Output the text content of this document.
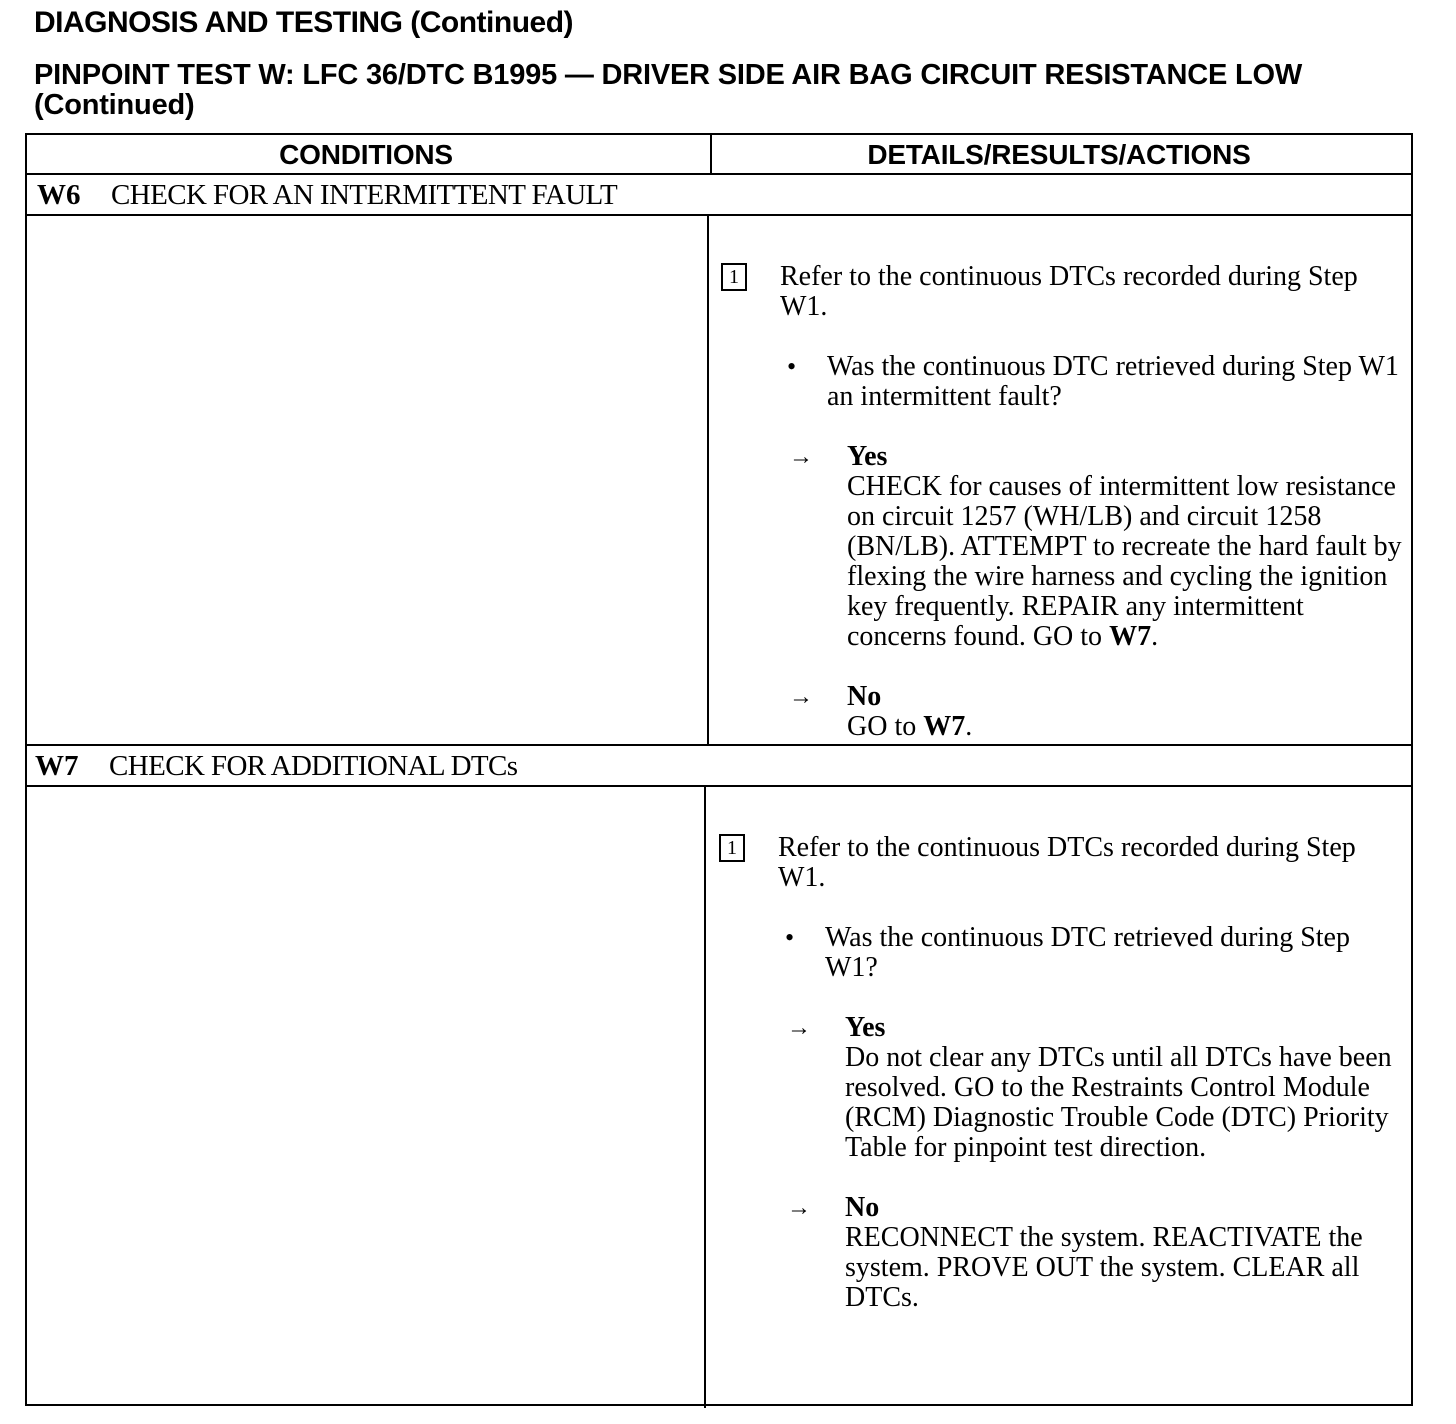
DIAGNOSIS AND TESTING (Continued)
PINPOINT TEST W: LFC 36/DTC B1995 — DRIVER SIDE AIR BAG CIRCUIT RESISTANCE LOW (Continued)
CONDITIONS	DETAILS/RESULTS/ACTIONS
W6 CHECK FOR AN INTERMITTENT FAULT
1 Refer to the continuous DTCs recorded during Step W1.
• Was the continuous DTC retrieved during Step W1 an intermittent fault?
→ Yes
CHECK for causes of intermittent low resistance on circuit 1257 (WH/LB) and circuit 1258 (BN/LB). ATTEMPT to recreate the hard fault by flexing the wire harness and cycling the ignition key frequently. REPAIR any intermittent concerns found. GO to W7.
→ No
GO to W7.
W7 CHECK FOR ADDITIONAL DTCs
1 Refer to the continuous DTCs recorded during Step W1.
• Was the continuous DTC retrieved during Step W1?
→ Yes
Do not clear any DTCs until all DTCs have been resolved. GO to the Restraints Control Module (RCM) Diagnostic Trouble Code (DTC) Priority Table for pinpoint test direction.
→ No
RECONNECT the system. REACTIVATE the system. PROVE OUT the system. CLEAR all DTCs.
